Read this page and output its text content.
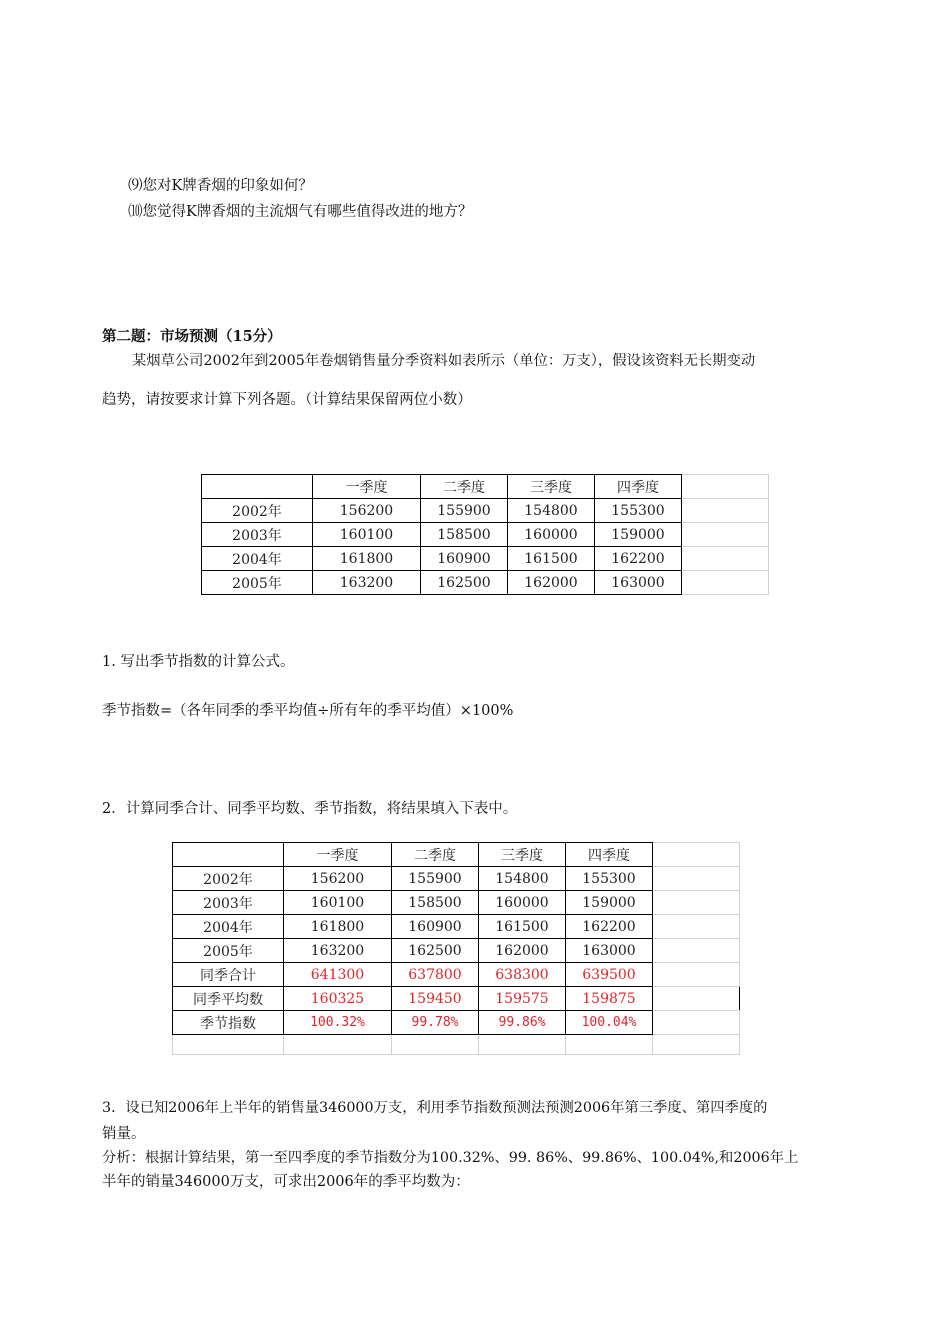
⑼您对K牌香烟的印象如何？
⑽您觉得K牌香烟的主流烟气有哪些值得改进的地方？
第二题：市场预测（15分）
某烟草公司2002年到2005年卷烟销售量分季资料如表所示（单位：万支），假设该资料无长期变动
趋势，请按要求计算下列各题。（计算结果保留两位小数）
	一季度	二季度	三季度	四季度	
2002年	156200	155900	154800	155300	
2003年	160100	158500	160000	159000	
2004年	161800	160900	161500	162200	
2005年	163200	162500	162000	163000	
1. 写出季节指数的计算公式。
季节指数=（各年同季的季平均值÷所有年的季平均值）×100%
2．计算同季合计、同季平均数、季节指数，将结果填入下表中。
	一季度	二季度	三季度	四季度	
2002年	156200	155900	154800	155300	
2003年	160100	158500	160000	159000	
2004年	161800	160900	161500	162200	
2005年	163200	162500	162000	163000	
同季合计	641300	637800	638300	639500	
同季平均数	160325	159450	159575	159875	
季节指数	100.32%	99.78%	99.86%	100.04%	

3．设已知2006年上半年的销售量346000万支，利用季节指数预测法预测2006年第三季度、第四季度的
销量。
分析：根据计算结果，第一至四季度的季节指数分为100.32%、99. 86%、99.86%、100.04%,和2006年上
半年的销量346000万支，可求出2006年的季平均数为：
